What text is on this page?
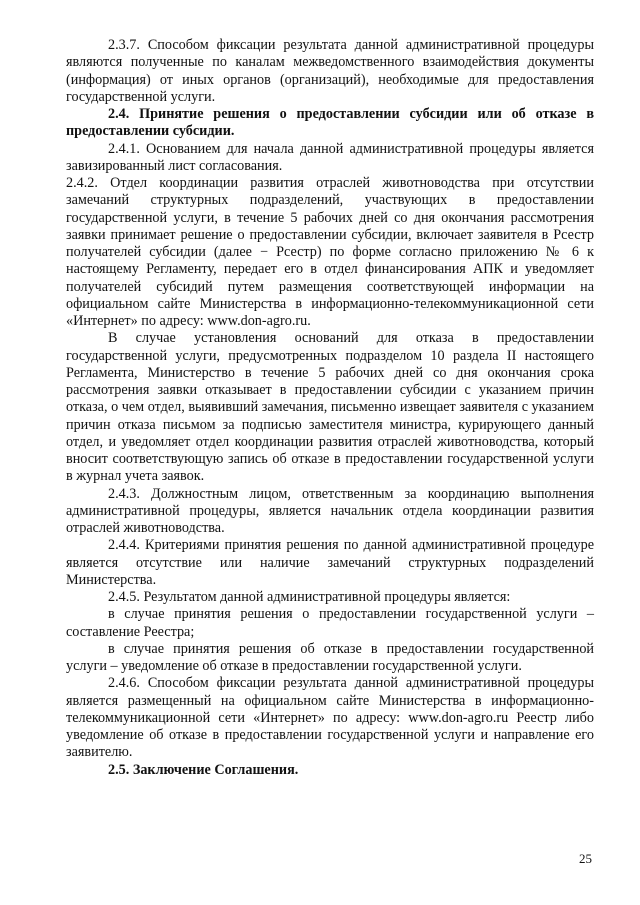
2.3.7. Способом фиксации результата данной административной процедуры являются полученные по каналам межведомственного взаимодействия документы (информация) от иных органов (организаций), необходимые для предоставления государственной услуги.

2.4. Принятие решения о предоставлении субсидии или об отказе в предоставлении субсидии.

2.4.1. Основанием для начала данной административной процедуры является завизированный лист согласования.

2.4.2. Отдел координации развития отраслей животноводства при отсутствии замечаний структурных подразделений, участвующих в предоставлении государственной услуги, в течение 5 рабочих дней со дня окончания рассмотрения заявки принимает решение о предоставлении субсидии, включает заявителя в Рсестр получателей субсидии (далее − Рсестр) по форме согласно приложению № 6 к настоящему Регламенту, передает его в отдел финансирования АПК и уведомляет получателей субсидий путем размещения соответствующей информации на официальном сайте Министерства в информационно-телекоммуникационной сети «Интернет» по адресу: www.don-agro.ru.

В случае установления оснований для отказа в предоставлении государственной услуги, предусмотренных подразделом 10 раздела II настоящего Регламента, Министерство в течение 5 рабочих дней со дня окончания срока рассмотрения заявки отказывает в предоставлении субсидии с указанием причин отказа, о чем отдел, выявивший замечания, письменно извещает заявителя с указанием причин отказа письмом за подписью заместителя министра, курирующего данный отдел, и уведомляет отдел координации развития отраслей животноводства, который вносит соответствующую запись об отказе в предоставлении государственной услуги в журнал учета заявок.

2.4.3. Должностным лицом, ответственным за координацию выполнения административной процедуры, является начальник отдела координации развития отраслей животноводства.

2.4.4. Критериями принятия решения по данной административной процедуре является отсутствие или наличие замечаний структурных подразделений Министерства.

2.4.5. Результатом данной административной процедуры является:

в случае принятия решения о предоставлении государственной услуги – составление Реестра;

в случае принятия решения об отказе в предоставлении государственной услуги – уведомление об отказе в предоставлении государственной услуги.

2.4.6. Способом фиксации результата данной административной процедуры является размещенный на официальном сайте Министерства в информационно-телекоммуникационной сети «Интернет» по адресу: www.don-agro.ru Реестр либо уведомление об отказе в предоставлении государственной услуги и направление его заявителю.

2.5. Заключение Соглашения.

25
